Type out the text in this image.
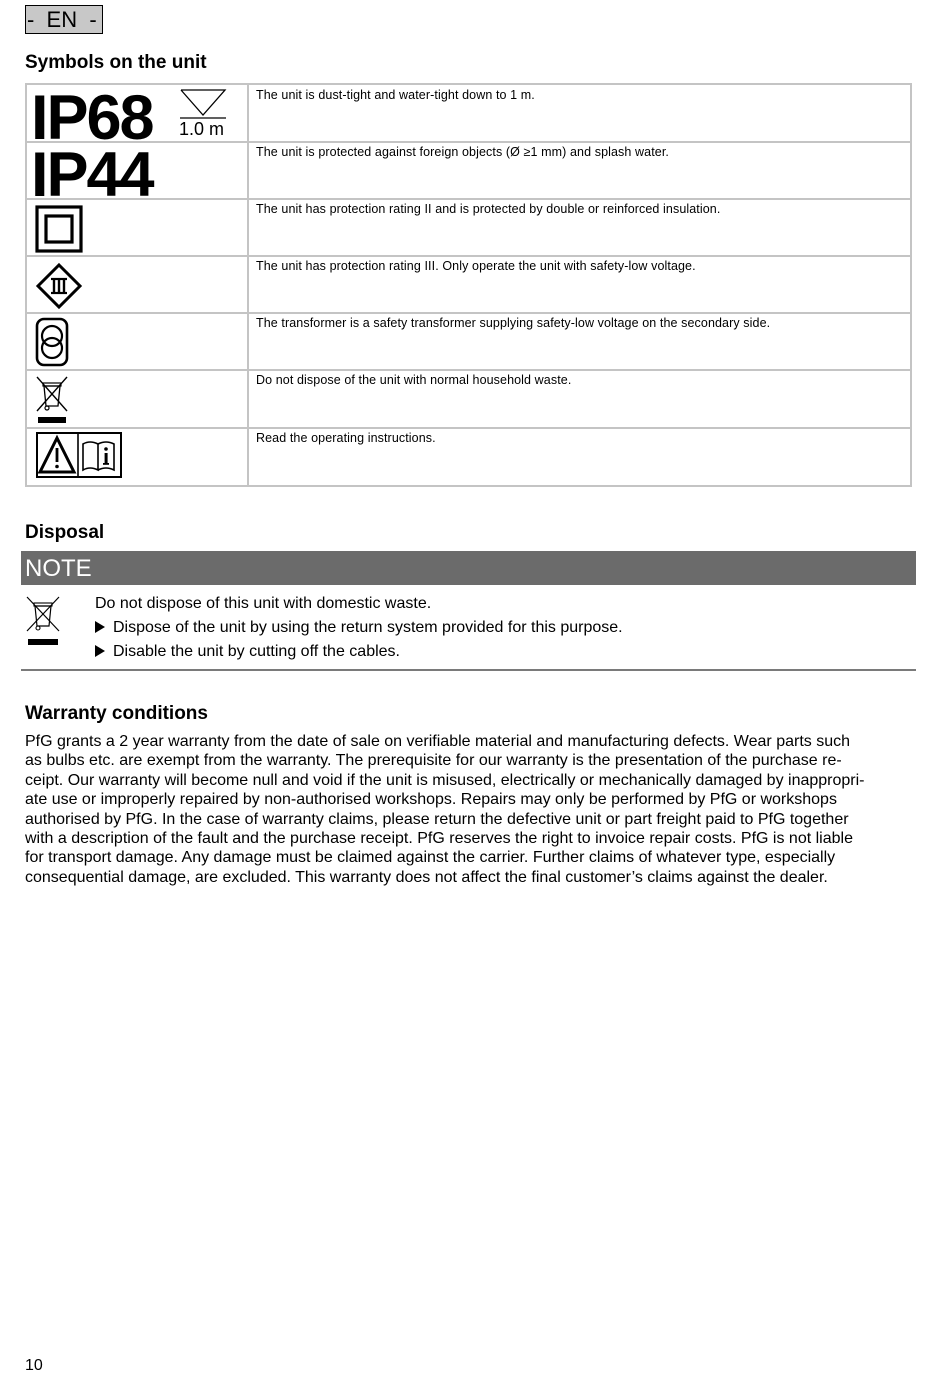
-  EN  -
Symbols on the unit
IP68 1.0 m
The unit is dust-tight and water-tight down to 1 m.
IP44	The unit is protected against foreign objects (Ø ≥1 mm) and splash water.
The unit has protection rating II and is protected by double or reinforced insulation.
The unit has protection rating III. Only operate the unit with safety-low voltage.
The transformer is a safety transformer supplying safety-low voltage on the secondary side.
Do not dispose of the unit with normal household waste.
Read the operating instructions.
Disposal
NOTE
Do not dispose of this unit with domestic waste.
Dispose of the unit by using the return system provided for this purpose.
Disable the unit by cutting off the cables.
Warranty conditions
PfG grants a 2 year warranty from the date of sale on verifiable material and manufacturing defects. Wear parts such
as bulbs etc. are exempt from the warranty. The prerequisite for our warranty is the presentation of the purchase re-
ceipt. Our warranty will become null and void if the unit is misused, electrically or mechanically damaged by inappropri-
ate use or improperly repaired by non-authorised workshops. Repairs may only be performed by PfG or workshops
authorised by PfG. In the case of warranty claims, please return the defective unit or part freight paid to PfG together
with a description of the fault and the purchase receipt. PfG reserves the right to invoice repair costs. PfG is not liable
for transport damage. Any damage must be claimed against the carrier. Further claims of whatever type, especially
consequential damage, are excluded. This warranty does not affect the final customer’s claims against the dealer.
10
